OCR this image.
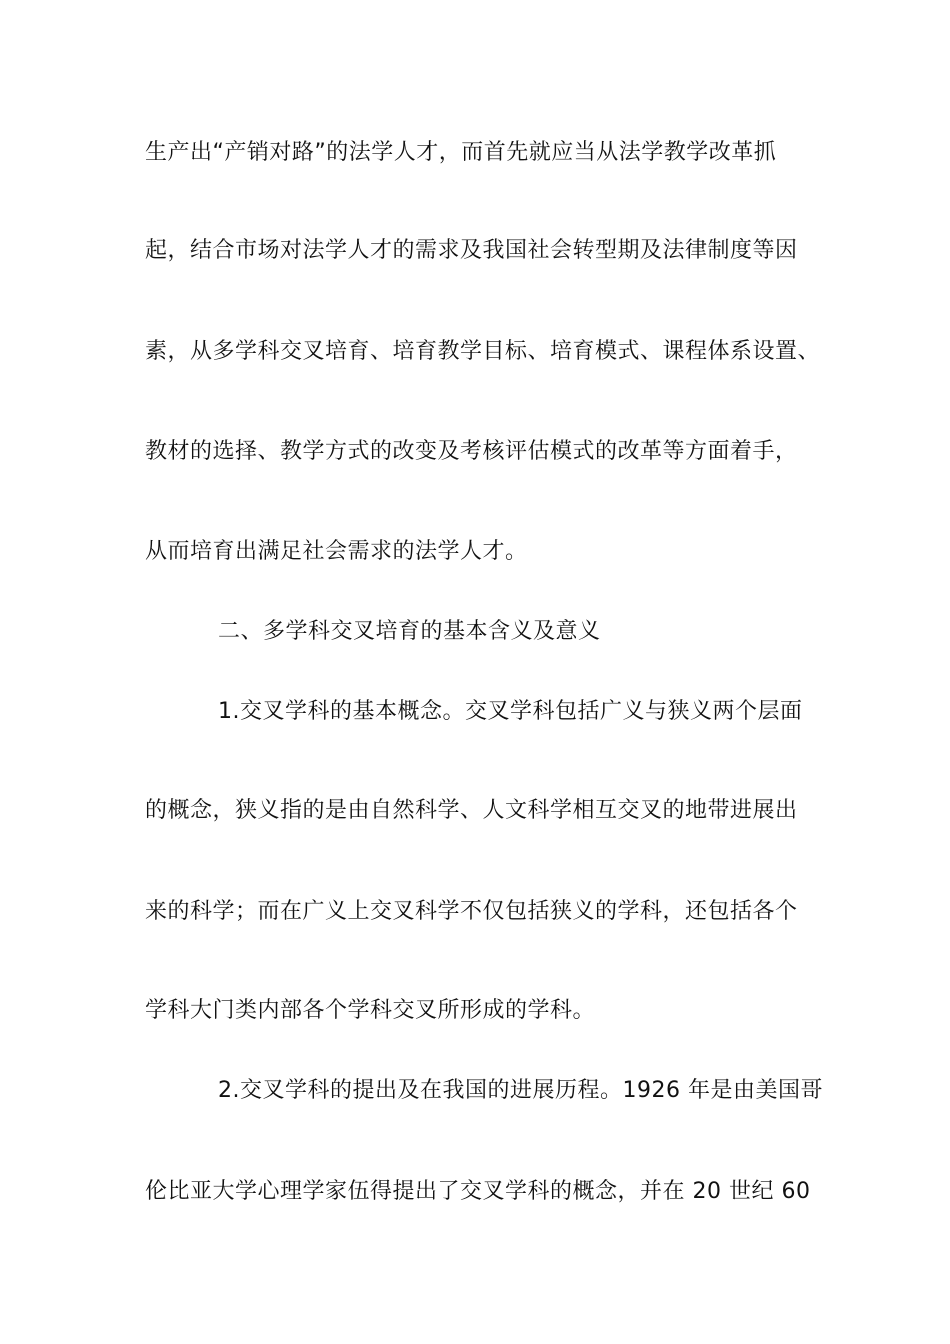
生产出“产销对路”的法学人才，而首先就应当从法学教学改革抓
起，结合市场对法学人才的需求及我国社会转型期及法律制度等因
素，从多学科交叉培育、培育教学目标、培育模式、课程体系设置、
教材的选择、教学方式的改变及考核评估模式的改革等方面着手，
从而培育出满足社会需求的法学人才。
二、多学科交叉培育的基本含义及意义
1.交叉学科的基本概念。交叉学科包括广义与狭义两个层面
的概念，狭义指的是由自然科学、人文科学相互交叉的地带进展出
来的科学；而在广义上交叉科学不仅包括狭义的学科，还包括各个
学科大门类内部各个学科交叉所形成的学科。
2.交叉学科的提出及在我国的进展历程。1926 年是由美国哥
伦比亚大学心理学家伍得提出了交叉学科的概念，并在 20 世纪 60
